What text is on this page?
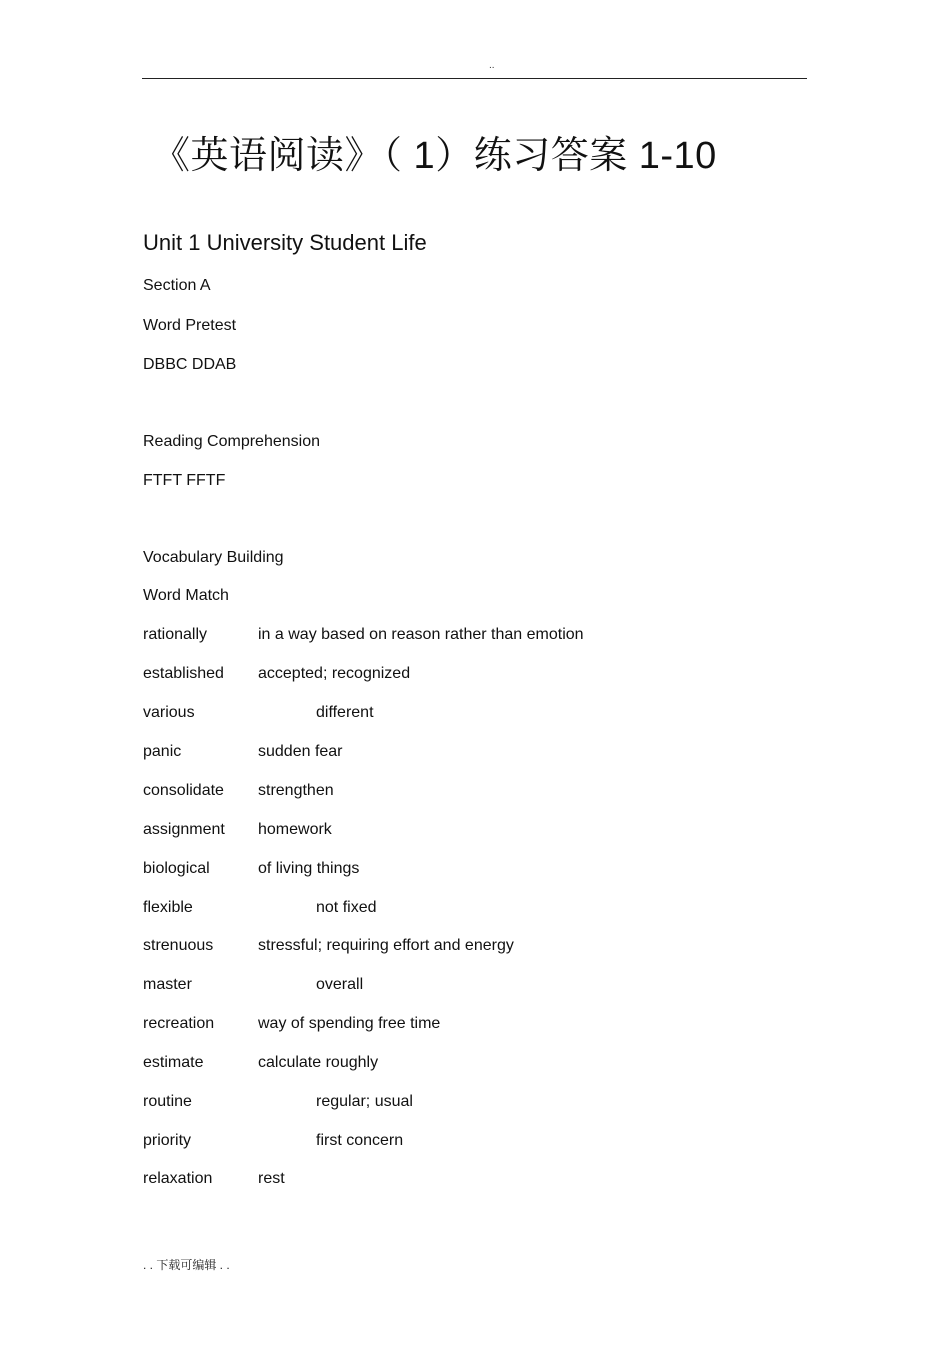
..
《英语阅读》（ 1）练习答案 1-10
Unit 1 University Student Life

Section A

Word Pretest

DBBC DDAB

Reading Comprehension

FTFT FFTF

Vocabulary Building

Word Match

rationally	in a way based on reason rather than emotion
established accepted; recognized
various	different
panic	sudden fear
consolidate strengthen
assignment homework
biological	of living things
flexible	not fixed
strenuous	stressful; requiring effort and energy
master	overall
recreation	way of spending free time
estimate	calculate roughly
routine	regular; usual
priority	first concern
relaxation	rest
. . 下载可编辑 . .
